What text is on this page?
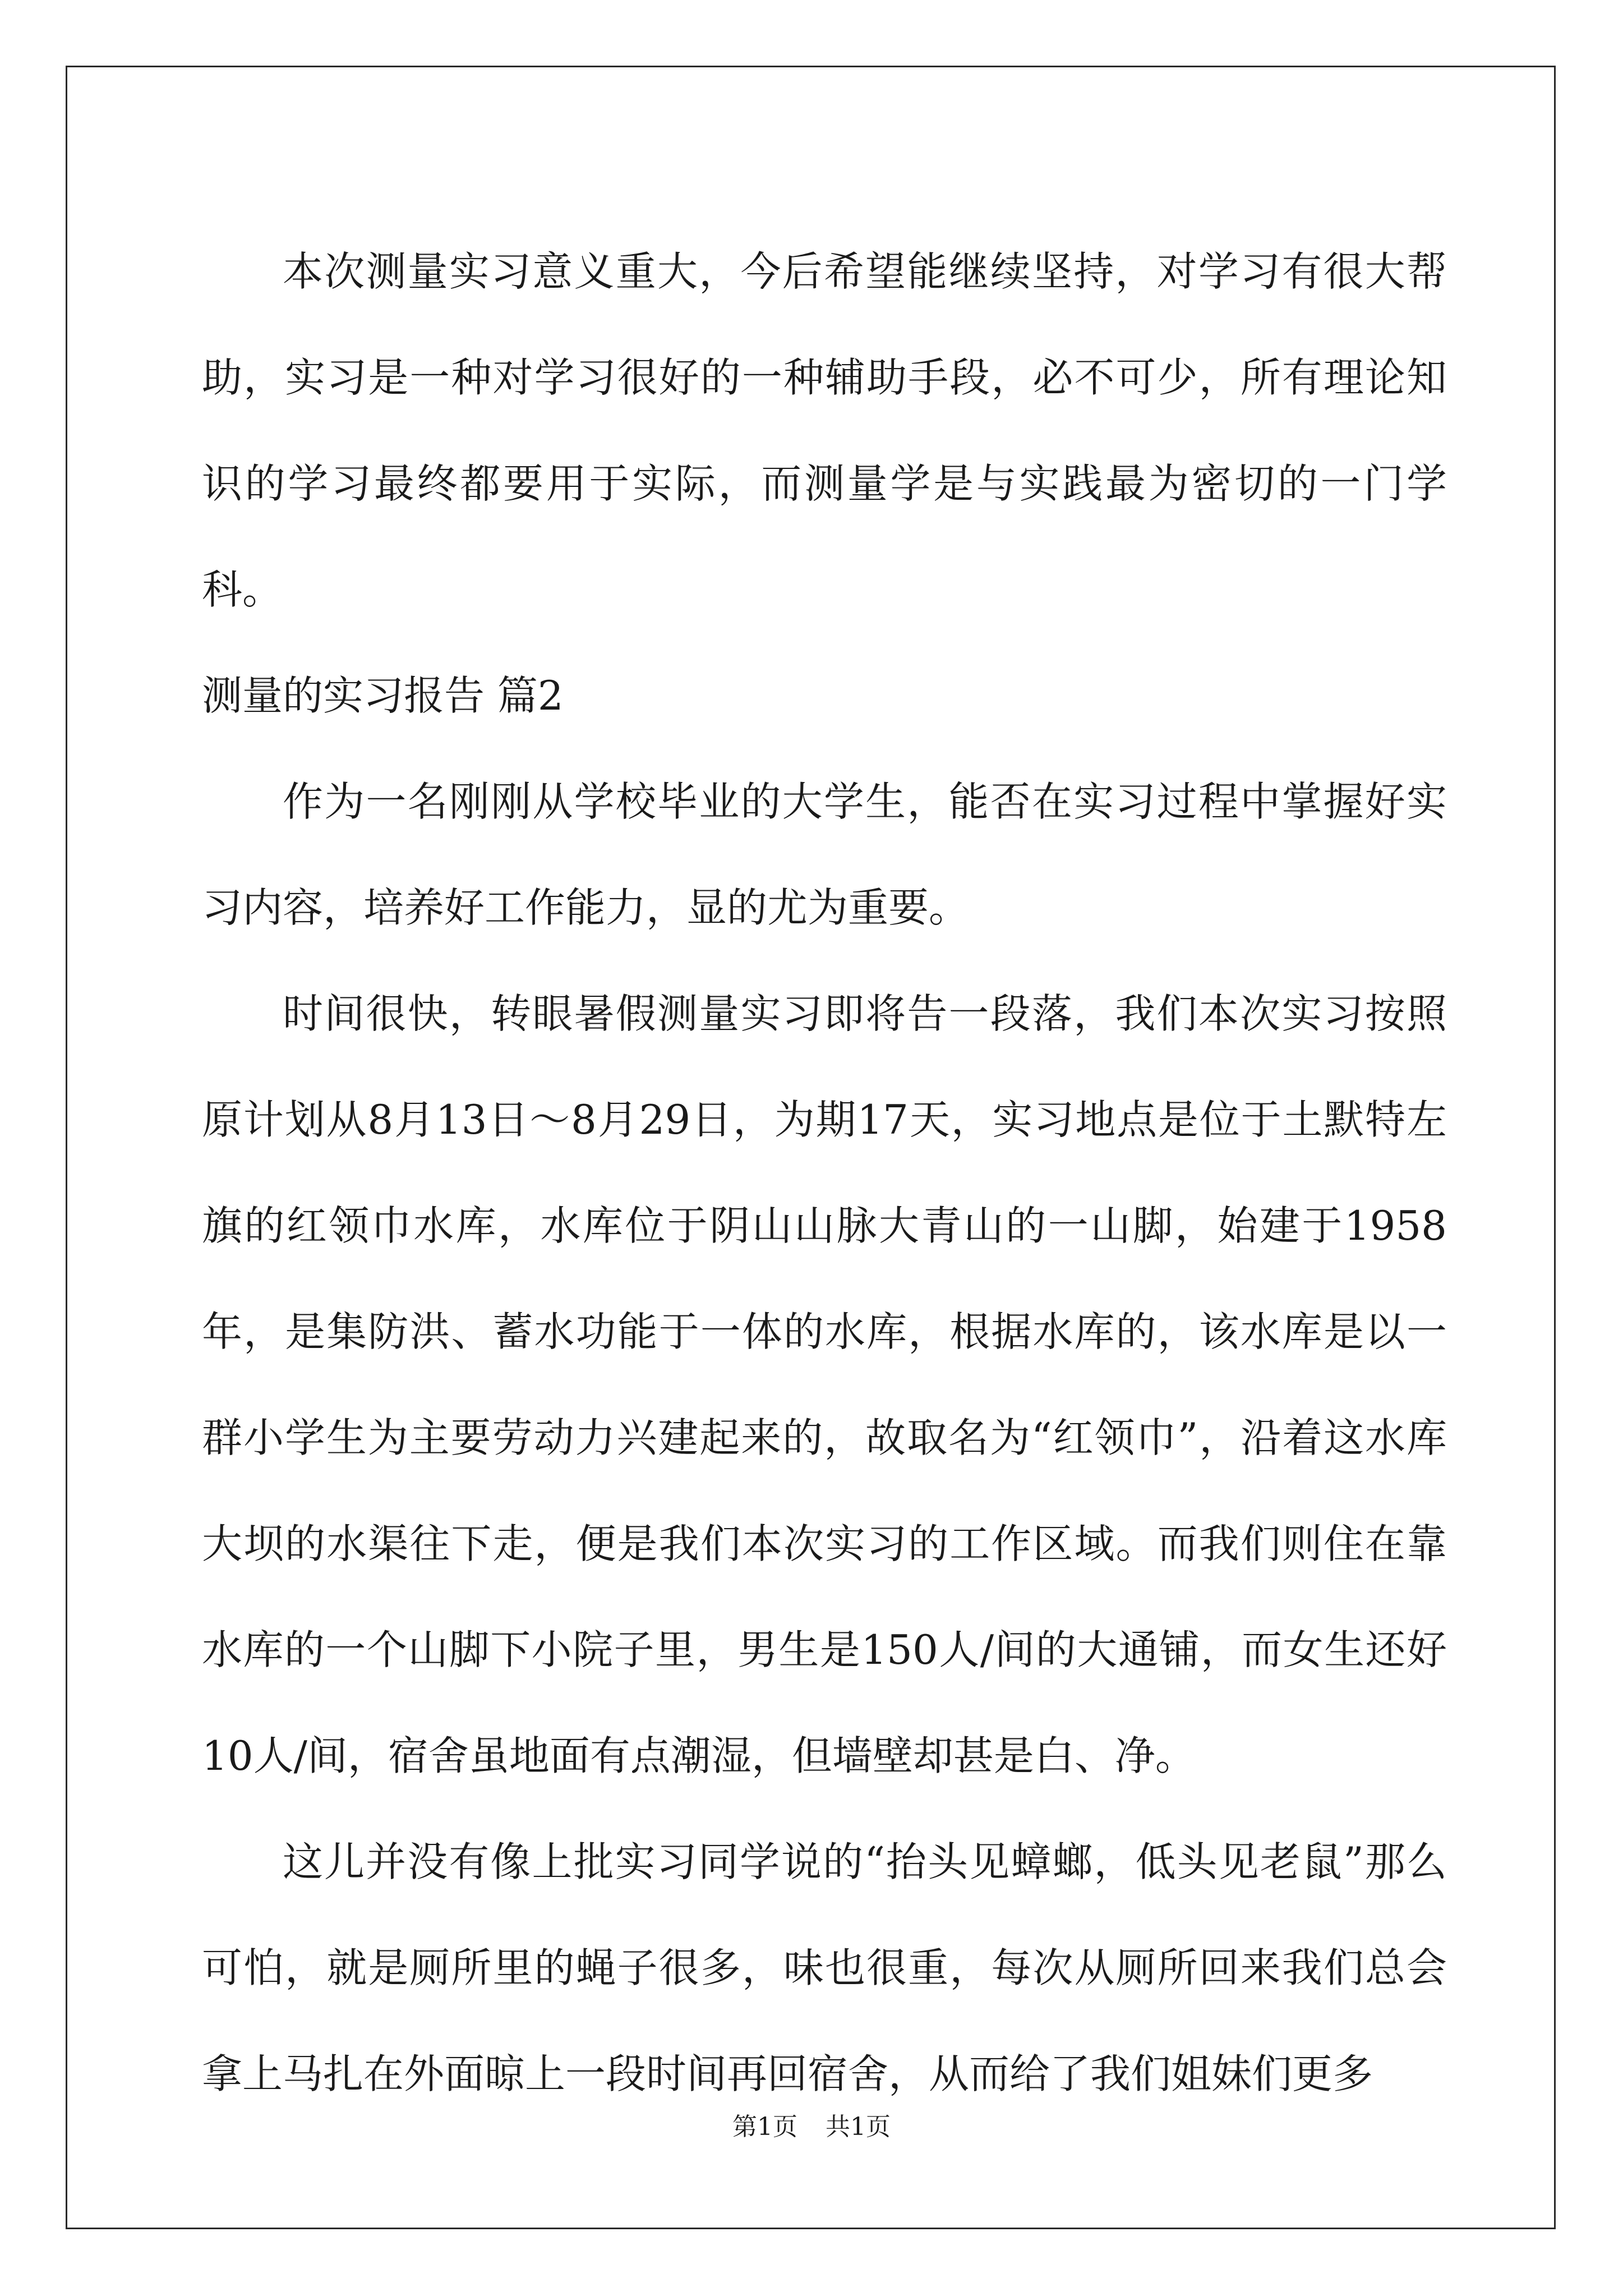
本次测量实习意义重大，今后希望能继续坚持，对学习有很大帮助，实习是一种对学习很好的一种辅助手段，必不可少，所有理论知识的学习最终都要用于实际，而测量学是与实践最为密切的一门学科。

测量的实习报告 篇2

作为一名刚刚从学校毕业的大学生，能否在实习过程中掌握好实习内容，培养好工作能力，显的尤为重要。

时间很快，转眼暑假测量实习即将告一段落，我们本次实习按照原计划从8月13日～8月29日，为期17天，实习地点是位于土默特左旗的红领巾水库，水库位于阴山山脉大青山的一山脚，始建于1958年，是集防洪、蓄水功能于一体的水库，根据水库的，该水库是以一群小学生为主要劳动力兴建起来的，故取名为“红领巾”，沿着这水库大坝的水渠往下走，便是我们本次实习的工作区域。而我们则住在靠水库的一个山脚下小院子里，男生是150人/间的大通铺，而女生还好10人/间，宿舍虽地面有点潮湿，但墙壁却甚是白、净。

这儿并没有像上批实习同学说的“抬头见蟑螂，低头见老鼠”那么可怕，就是厕所里的蝇子很多，味也很重，每次从厕所回来我们总会拿上马扎在外面晾上一段时间再回宿舍，从而给了我们姐妹们更多

第1页 共1页
